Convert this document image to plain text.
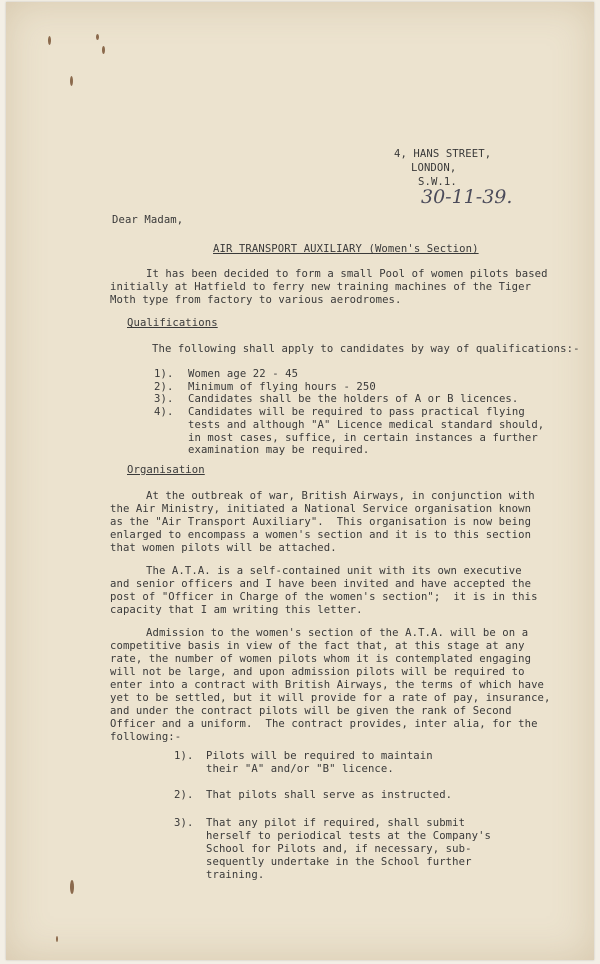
4, HANS STREET,
LONDON,
S.W.1.
30-11-39.
Dear Madam,
AIR TRANSPORT AUXILIARY (Women's Section)
It has been decided to form a small Pool of women pilots based
initially at Hatfield to ferry new training machines of the Tiger
Moth type from factory to various aerodromes.
Qualifications
The following shall apply to candidates by way of qualifications:-
1). Women age 22 - 45
2). Minimum of flying hours - 250
3). Candidates shall be the holders of A or B licences.
4). Candidates will be required to pass practical flying
tests and although "A" Licence medical standard should,
in most cases, suffice, in certain instances a further
examination may be required.
Organisation
At the outbreak of war, British Airways, in conjunction with
the Air Ministry, initiated a National Service organisation known
as the "Air Transport Auxiliary".  This organisation is now being
enlarged to encompass a women's section and it is to this section
that women pilots will be attached.
The A.T.A. is a self-contained unit with its own executive
and senior officers and I have been invited and have accepted the
post of "Officer in Charge of the women's section";  it is in this
capacity that I am writing this letter.
Admission to the women's section of the A.T.A. will be on a
competitive basis in view of the fact that, at this stage at any
rate, the number of women pilots whom it is contemplated engaging
will not be large, and upon admission pilots will be required to
enter into a contract with British Airways, the terms of which have
yet to be settled, but it will provide for a rate of pay, insurance,
and under the contract pilots will be given the rank of Second
Officer and a uniform.  The contract provides, inter alia, for the
following:-
1). Pilots will be required to maintain
their "A" and/or "B" licence.
2). That pilots shall serve as instructed.
3). That any pilot if required, shall submit
herself to periodical tests at the Company's
School for Pilots and, if necessary, sub-
sequently undertake in the School further
training.
